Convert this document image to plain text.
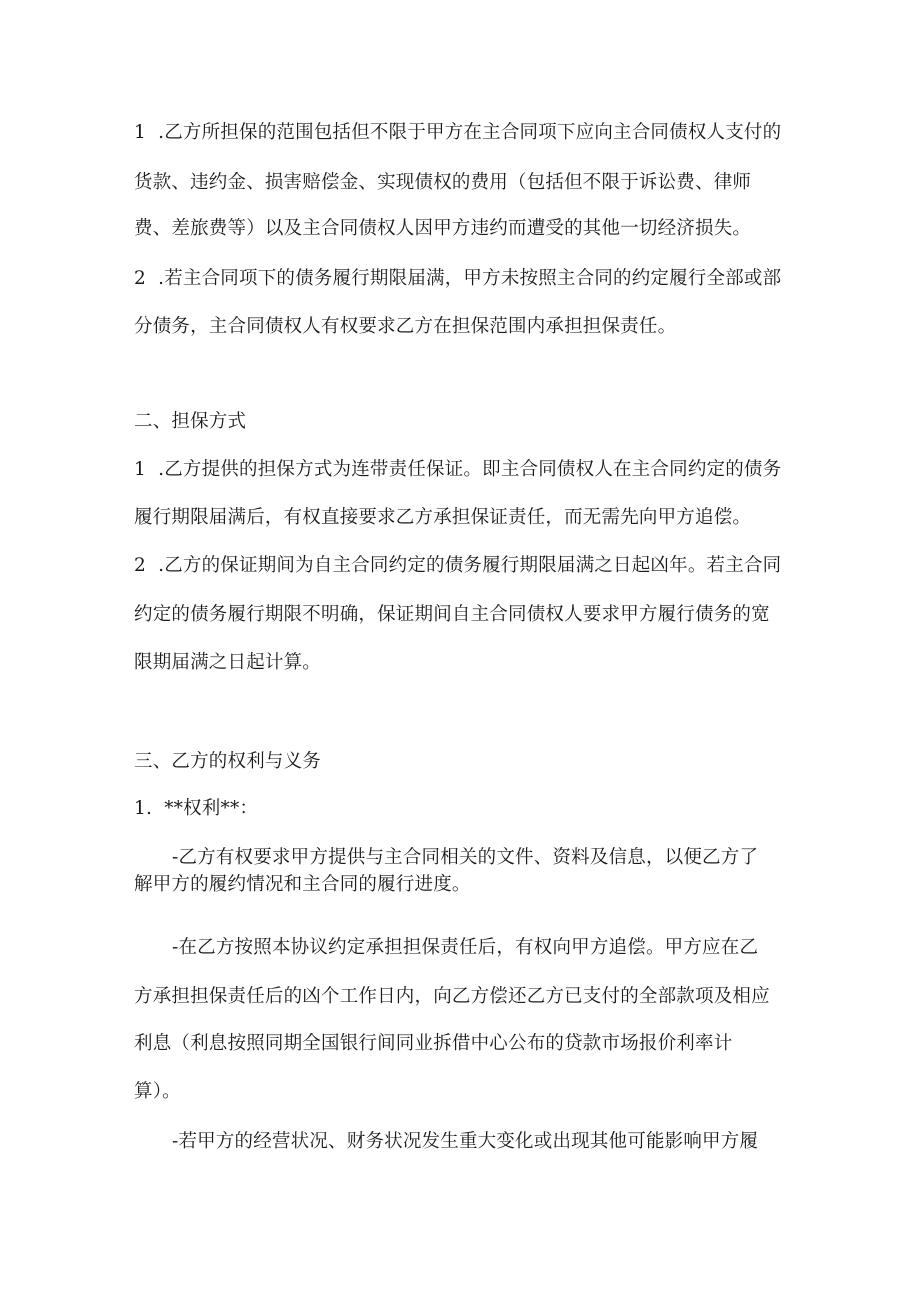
1  .乙方所担保的范围包括但不限于甲方在主合同项下应向主合同债权人支付的
货款、违约金、损害赔偿金、实现债权的费用（包括但不限于诉讼费、律师
费、差旅费等）以及主合同债权人因甲方违约而遭受的其他一切经济损失。
2  .若主合同项下的债务履行期限届满，甲方未按照主合同的约定履行全部或部
分债务，主合同债权人有权要求乙方在担保范围内承担担保责任。
二、担保方式
1  .乙方提供的担保方式为连带责任保证。即主合同债权人在主合同约定的债务
履行期限届满后，有权直接要求乙方承担保证责任，而无需先向甲方追偿。
2  .乙方的保证期间为自主合同约定的债务履行期限届满之日起凶年。若主合同
约定的债务履行期限不明确，保证期间自主合同债权人要求甲方履行债务的宽
限期届满之日起计算。
三、乙方的权利与义务
1.  **权利**：
-乙方有权要求甲方提供与主合同相关的文件、资料及信息，以便乙方了
解甲方的履约情况和主合同的履行进度。
-在乙方按照本协议约定承担担保责任后，有权向甲方追偿。甲方应在乙
方承担担保责任后的凶个工作日内，向乙方偿还乙方已支付的全部款项及相应
利息（利息按照同期全国银行间同业拆借中心公布的贷款市场报价利率计
算）。
-若甲方的经营状况、财务状况发生重大变化或出现其他可能影响甲方履
